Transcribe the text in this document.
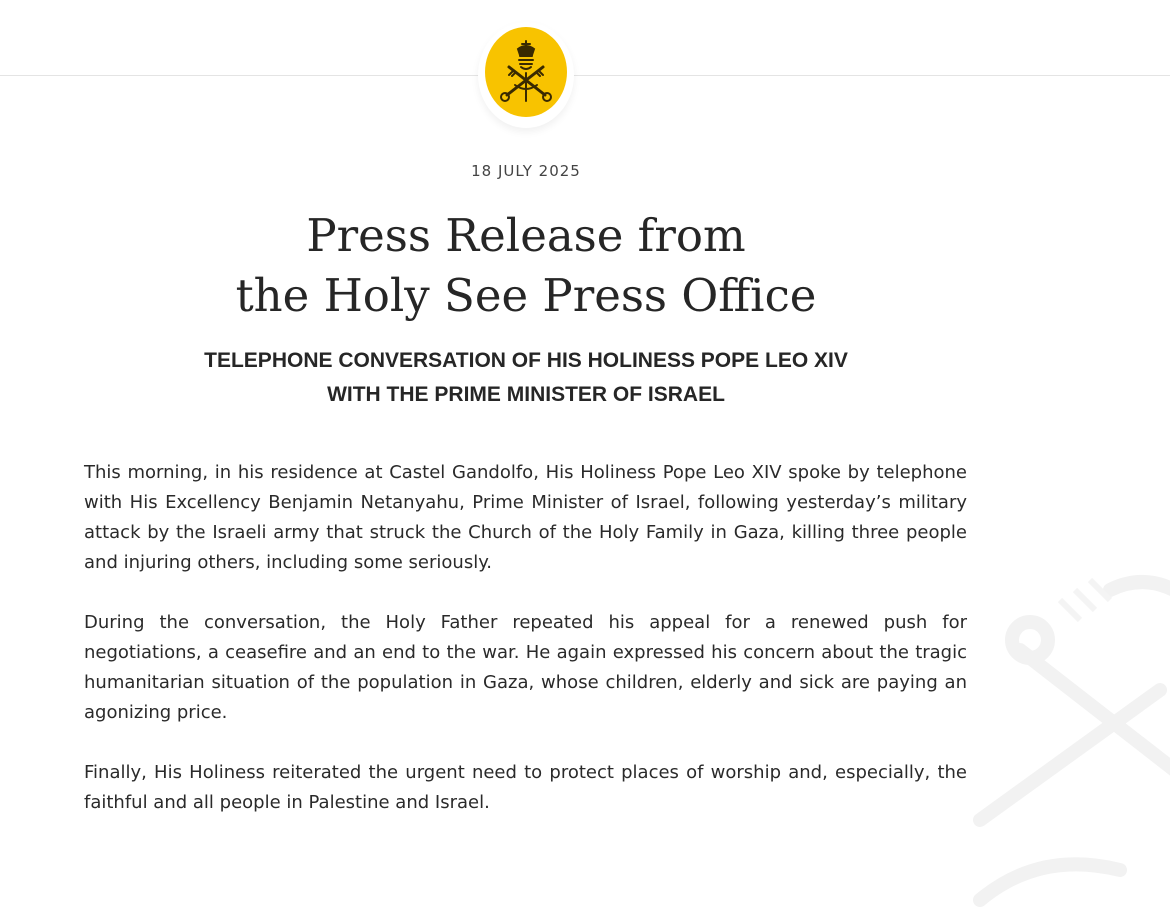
18 JULY 2025
Press Release from
the Holy See Press Office
TELEPHONE CONVERSATION OF HIS HOLINESS POPE LEO XIV
WITH THE PRIME MINISTER OF ISRAEL

This morning, in his residence at Castel Gandolfo, His Holiness Pope Leo XIV spoke by telephone with His Excellency Benjamin Netanyahu, Prime Minister of Israel, following yesterday’s military attack by the Israeli army that struck the Church of the Holy Family in Gaza, killing three people and injuring others, including some seriously.

During the conversation, the Holy Father repeated his appeal for a renewed push for negotiations, a ceasefire and an end to the war. He again expressed his concern about the tragic humanitarian situation of the population in Gaza, whose children, elderly and sick are paying an agonizing price.

Finally, His Holiness reiterated the urgent need to protect places of worship and, especially, the faithful and all people in Palestine and Israel.
